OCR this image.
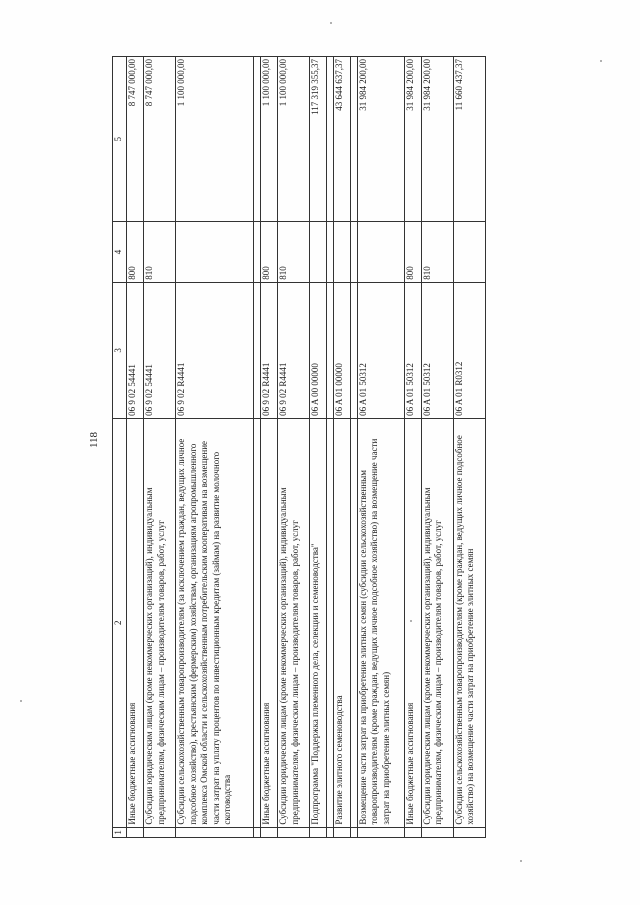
118
1	2	3	4	5
	Иные бюджетные ассигнования	06 9 02 54441	800	8 747 000,00
	Субсидии юридическим лицам (кроме некоммерческих организаций), индивидуальным предпринимателям, физическим лицам – производителям товаров, работ, услуг	06 9 02 54441	810	8 747 000,00
	Субсидии сельскохозяйственным товаропроизводителям (за исключением граждан, ведущих личное подсобное хозяйство), крестьянским (фермерским) хозяйствам, организациям агропромышленного комплекса Омской области и сельскохозяйственным потребительским кооперативам на возмещение части затрат на уплату процентов по инвестиционным кредитам (займам) на развитие молочного скотоводства	06 9 02 R4441		1 100 000,00

	Иные бюджетные ассигнования	06 9 02 R4441	800	1 100 000,00
	Субсидии юридическим лицам (кроме некоммерческих организаций), индивидуальным предпринимателям, физическим лицам – производителям товаров, работ, услуг	06 9 02 R4441	810	1 100 000,00
	Подпрограмма "Поддержка племенного дела, селекции и семеноводства"	06 A 00 00000		117 319 355,37

	Развитие элитного семеноводства	06 A 01 00000		43 644 637,37

	Возмещение части затрат на приобретение элитных семян (субсидии сельскохозяйственным товаропроизводителям (кроме граждан, ведущих личное подсобное хозяйство) на возмещение части затрат на приобретение элитных семян)	06 A 01 50312		31 984 200,00
	Иные бюджетные ассигнования	06 A 01 50312	800	31 984 200,00
	Субсидии юридическим лицам (кроме некоммерческих организаций), индивидуальным предпринимателям, физическим лицам – производителям товаров, работ, услуг	06 A 01 50312	810	31 984 200,00
	Субсидии сельскохозяйственным товаропроизводителям (кроме граждан, ведущих личное подсобное хозяйство) на возмещение части затрат на приобретение элитных семян	06 A 01 R0312		11 660 437,37
